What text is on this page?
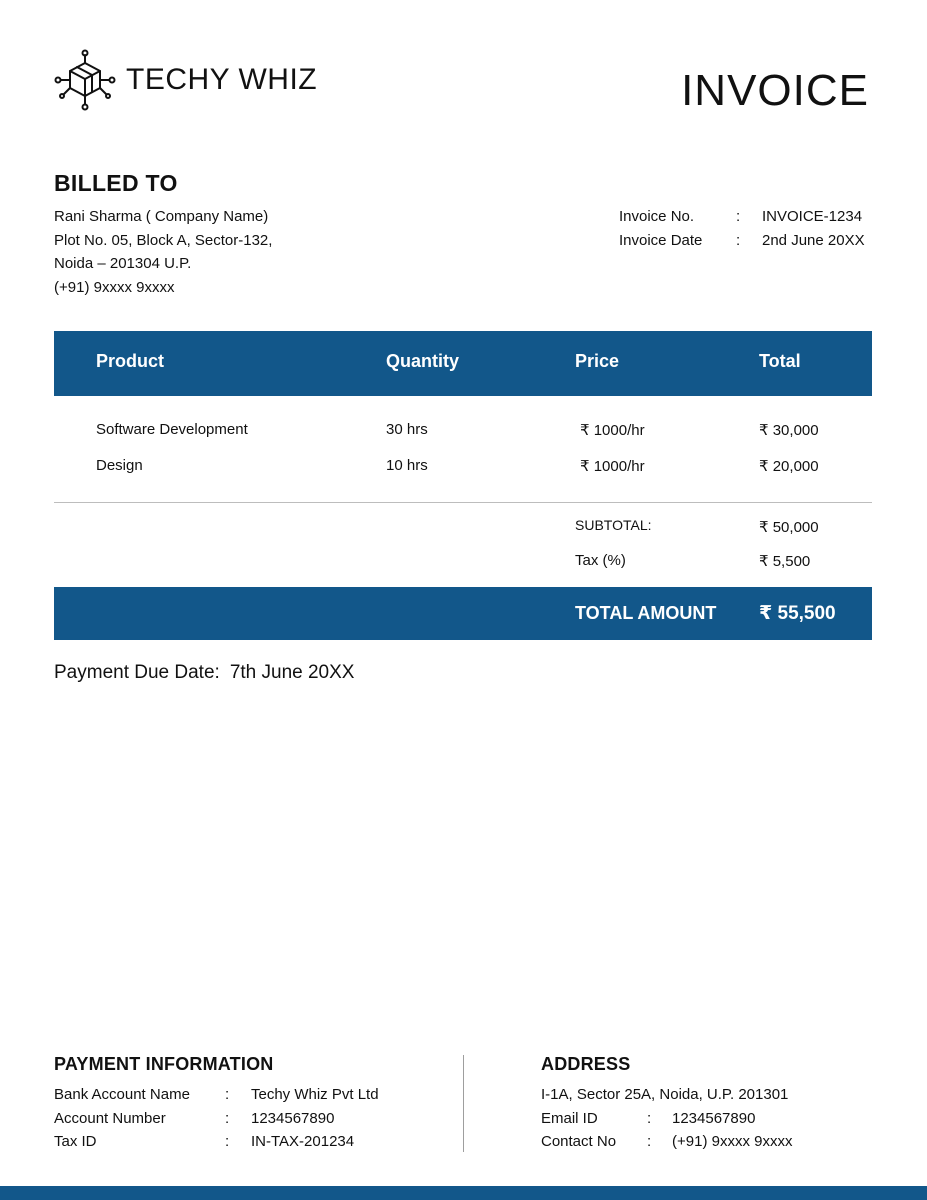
TECHY WHIZ	INVOICE
BILLED TO
Rani Sharma ( Company Name)
Plot No. 05, Block A, Sector-132,
Noida – 201304 U.P.
(+91) 9xxxx 9xxxx
Invoice No.	:	INVOICE-1234
Invoice Date	:	2nd June 20XX
Product	Quantity	Price	Total
Software Development	30 hrs	₹ 1000/hr	₹ 30,000
Design	10 hrs	₹ 1000/hr	₹ 20,000
SUBTOTAL:	₹ 50,000
Tax (%)	₹ 5,500
TOTAL AMOUNT ₹ 55,500
Payment Due Date: 7th June 20XX
PAYMENT INFORMATION
Bank Account Name	:	Techy Whiz Pvt Ltd
Account Number	:	1234567890
Tax ID	:	IN-TAX-201234
ADDRESS
I-1A, Sector 25A, Noida, U.P. 201301
Email ID	:	1234567890
Contact No	:	(+91) 9xxxx 9xxxx
